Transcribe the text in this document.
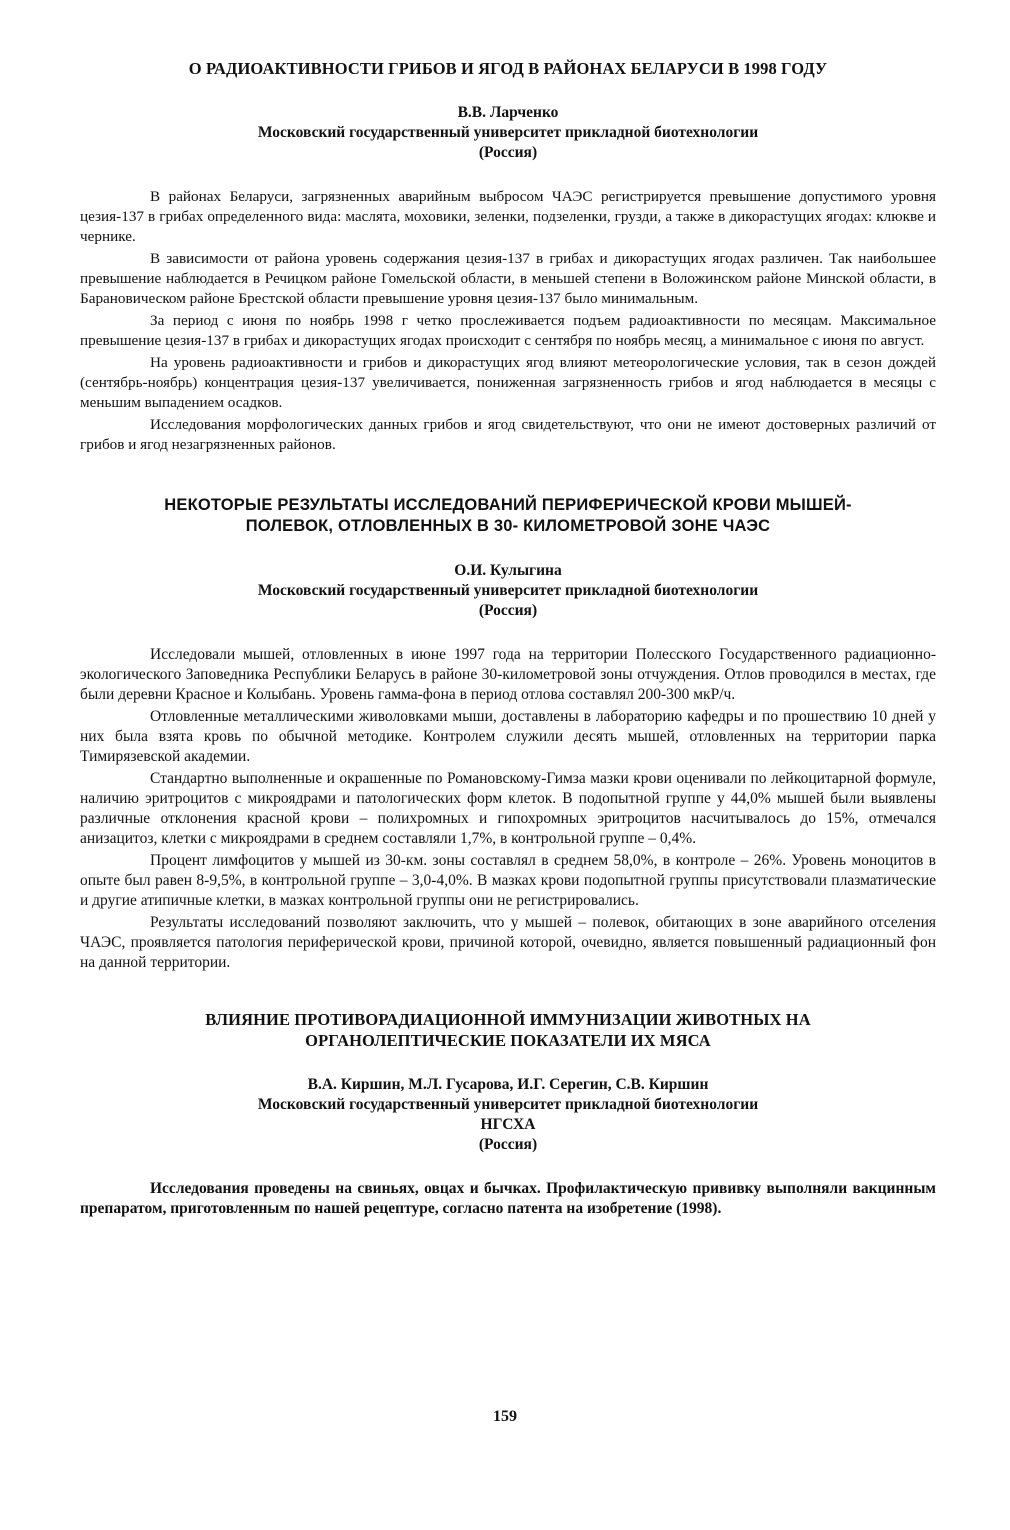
О РАДИОАКТИВНОСТИ ГРИБОВ И ЯГОД В РАЙОНАХ БЕЛАРУСИ В 1998 ГОДУ
В.В. Ларченко
Московский государственный университет прикладной биотехнологии
(Россия)

В районах Беларуси, загрязненных аварийным выбросом ЧАЭС регистрируется превышение допустимого уровня цезия-137 в грибах определенного вида: маслята, моховики, зеленки, подзеленки, грузди, а также в дикорастущих ягодах: клюкве и чернике.

В зависимости от района уровень содержания цезия-137 в грибах и дикорастущих ягодах различен. Так наибольшее превышение наблюдается в Речицком районе Гомельской области, в меньшей степени в Воложинском районе Минской области, в Барановическом районе Брестской области превышение уровня цезия-137 было минимальным.

За период с июня по ноябрь 1998 г четко прослеживается подъем радиоактивности по месяцам. Максимальное превышение цезия-137 в грибах и дикорастущих ягодах происходит с сентября по ноябрь месяц, а минимальное с июня по август.

На уровень радиоактивности и грибов и дикорастущих ягод влияют метеорологические условия, так в сезон дождей (сентябрь-ноябрь) концентрация цезия-137 увеличивается, пониженная загрязненность грибов и ягод наблюдается в месяцы с меньшим выпадением осадков.

Исследования морфологических данных грибов и ягод свидетельствуют, что они не имеют достоверных различий от грибов и ягод незагрязненных районов.

НЕКОТОРЫЕ РЕЗУЛЬТАТЫ ИССЛЕДОВАНИЙ ПЕРИФЕРИЧЕСКОЙ КРОВИ МЫШЕЙ-
ПОЛЕВОК, ОТЛОВЛЕННЫХ В 30- КИЛОМЕТРОВОЙ ЗОНЕ ЧАЭС
О.И. Кулыгина
Московский государственный университет прикладной биотехнологии
(Россия)

Исследовали мышей, отловленных в июне 1997 года на территории Полесского Государственного радиационно-экологического Заповедника Республики Беларусь в районе 30-километровой зоны отчуждения. Отлов проводился в местах, где были деревни Красное и Колыбань. Уровень гамма-фона в период отлова составлял 200-300 мкР/ч.

Отловленные металлическими живоловками мыши, доставлены в лабораторию кафедры и по прошествию 10 дней у них была взята кровь по обычной методике. Контролем служили десять мышей, отловленных на территории парка Тимирязевской академии.

Стандартно выполненные и окрашенные по Романовскому-Гимза мазки крови оценивали по лейкоцитарной формуле, наличию эритроцитов с микроядрами и патологических форм клеток. В подопытной группе у 44,0% мышей были выявлены различные отклонения красной крови – полихромных и гипохромных эритроцитов насчитывалось до 15%, отмечался анизацитоз, клетки с микроядрами в среднем составляли 1,7%, в контрольной группе – 0,4%.

Процент лимфоцитов у мышей из 30-км. зоны составлял в среднем 58,0%, в контроле – 26%. Уровень моноцитов в опыте был равен 8-9,5%, в контрольной группе – 3,0-4,0%. В мазках крови подопытной группы присутствовали плазматические и другие атипичные клетки, в мазках контрольной группы они не регистрировались.

Результаты исследований позволяют заключить, что у мышей – полевок, обитающих в зоне аварийного отселения ЧАЭС, проявляется патология периферической крови, причиной которой, очевидно, является повышенный радиационный фон на данной территории.

ВЛИЯНИЕ ПРОТИВОРАДИАЦИОННОЙ ИММУНИЗАЦИИ ЖИВОТНЫХ НА
ОРГАНОЛЕПТИЧЕСКИЕ ПОКАЗАТЕЛИ ИХ МЯСА
В.А. Киршин, М.Л. Гусарова, И.Г. Серегин, С.В. Киршин
Московский государственный университет прикладной биотехнологии
НГСХА
(Россия)

Исследования проведены на свиньях, овцах и бычках. Профилактическую прививку выполняли вакцинным препаратом, приготовленным по нашей рецептуре, согласно патента на изобретение (1998).

159
